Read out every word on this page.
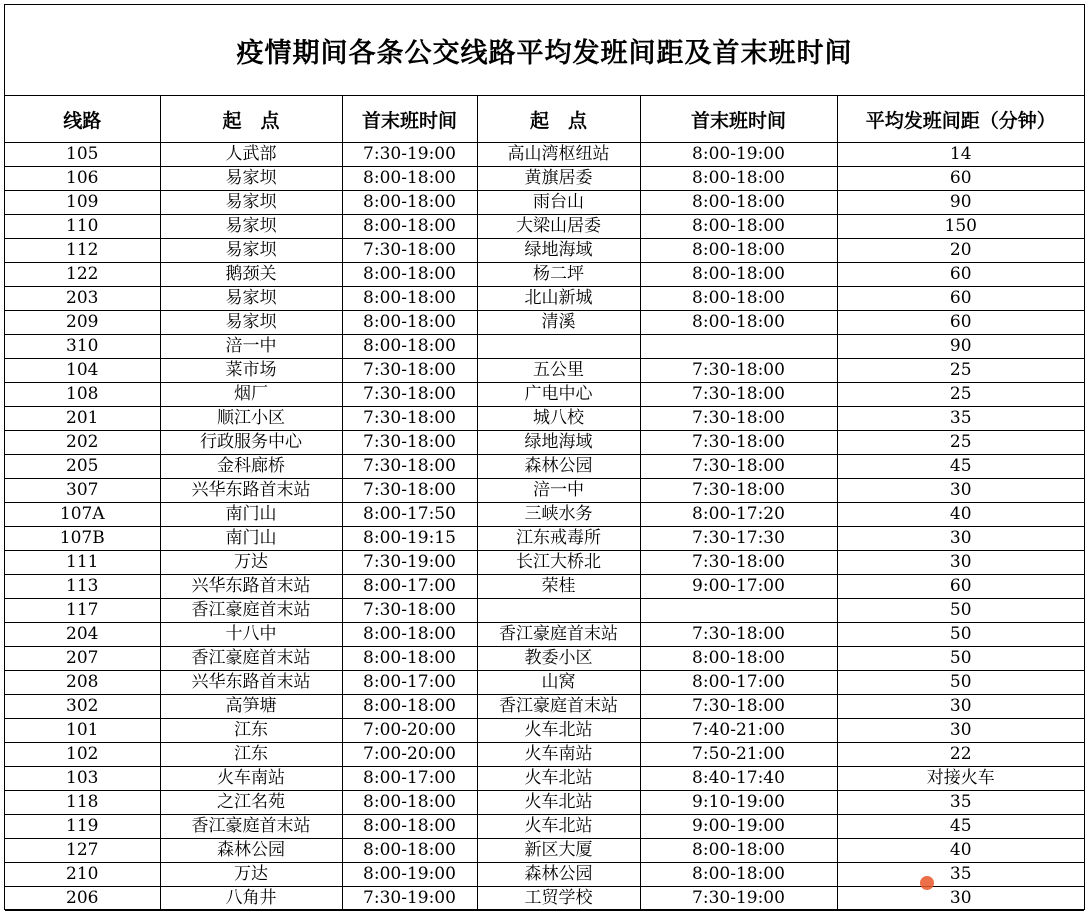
疫情期间各条公交线路平均发班间距及首末班时间
线路	起　点	首末班时间	起　点	首末班时间	平均发班间距（分钟）
105	人武部	7:30-19:00	高山湾枢纽站	8:00-19:00	14
106	易家坝	8:00-18:00	黄旗居委	8:00-18:00	60
109	易家坝	8:00-18:00	雨台山	8:00-18:00	90
110	易家坝	8:00-18:00	大梁山居委	8:00-18:00	150
112	易家坝	7:30-18:00	绿地海域	8:00-18:00	20
122	鹅颈关	8:00-18:00	杨二坪	8:00-18:00	60
203	易家坝	8:00-18:00	北山新城	8:00-18:00	60
209	易家坝	8:00-18:00	清溪	8:00-18:00	60
310	涪一中	8:00-18:00			90
104	菜市场	7:30-18:00	五公里	7:30-18:00	25
108	烟厂	7:30-18:00	广电中心	7:30-18:00	25
201	顺江小区	7:30-18:00	城八校	7:30-18:00	35
202	行政服务中心	7:30-18:00	绿地海域	7:30-18:00	25
205	金科廊桥	7:30-18:00	森林公园	7:30-18:00	45
307	兴华东路首末站	7:30-18:00	涪一中	7:30-18:00	30
107A	南门山	8:00-17:50	三峡水务	8:00-17:20	40
107B	南门山	8:00-19:15	江东戒毒所	7:30-17:30	30
111	万达	7:30-19:00	长江大桥北	7:30-18:00	30
113	兴华东路首末站	8:00-17:00	荣桂	9:00-17:00	60
117	香江豪庭首末站	7:30-18:00			50
204	十八中	8:00-18:00	香江豪庭首末站	7:30-18:00	50
207	香江豪庭首末站	8:00-18:00	教委小区	8:00-18:00	50
208	兴华东路首末站	8:00-17:00	山窝	8:00-17:00	50
302	高笋塘	8:00-18:00	香江豪庭首末站	7:30-18:00	30
101	江东	7:00-20:00	火车北站	7:40-21:00	30
102	江东	7:00-20:00	火车南站	7:50-21:00	22
103	火车南站	8:00-17:00	火车北站	8:40-17:40	对接火车
118	之江名苑	8:00-18:00	火车北站	9:10-19:00	35
119	香江豪庭首末站	8:00-18:00	火车北站	9:00-19:00	45
127	森林公园	8:00-18:00	新区大厦	8:00-18:00	40
210	万达	8:00-19:00	森林公园	8:00-18:00	35
206	八角井	7:30-19:00	工贸学校	7:30-19:00	30
